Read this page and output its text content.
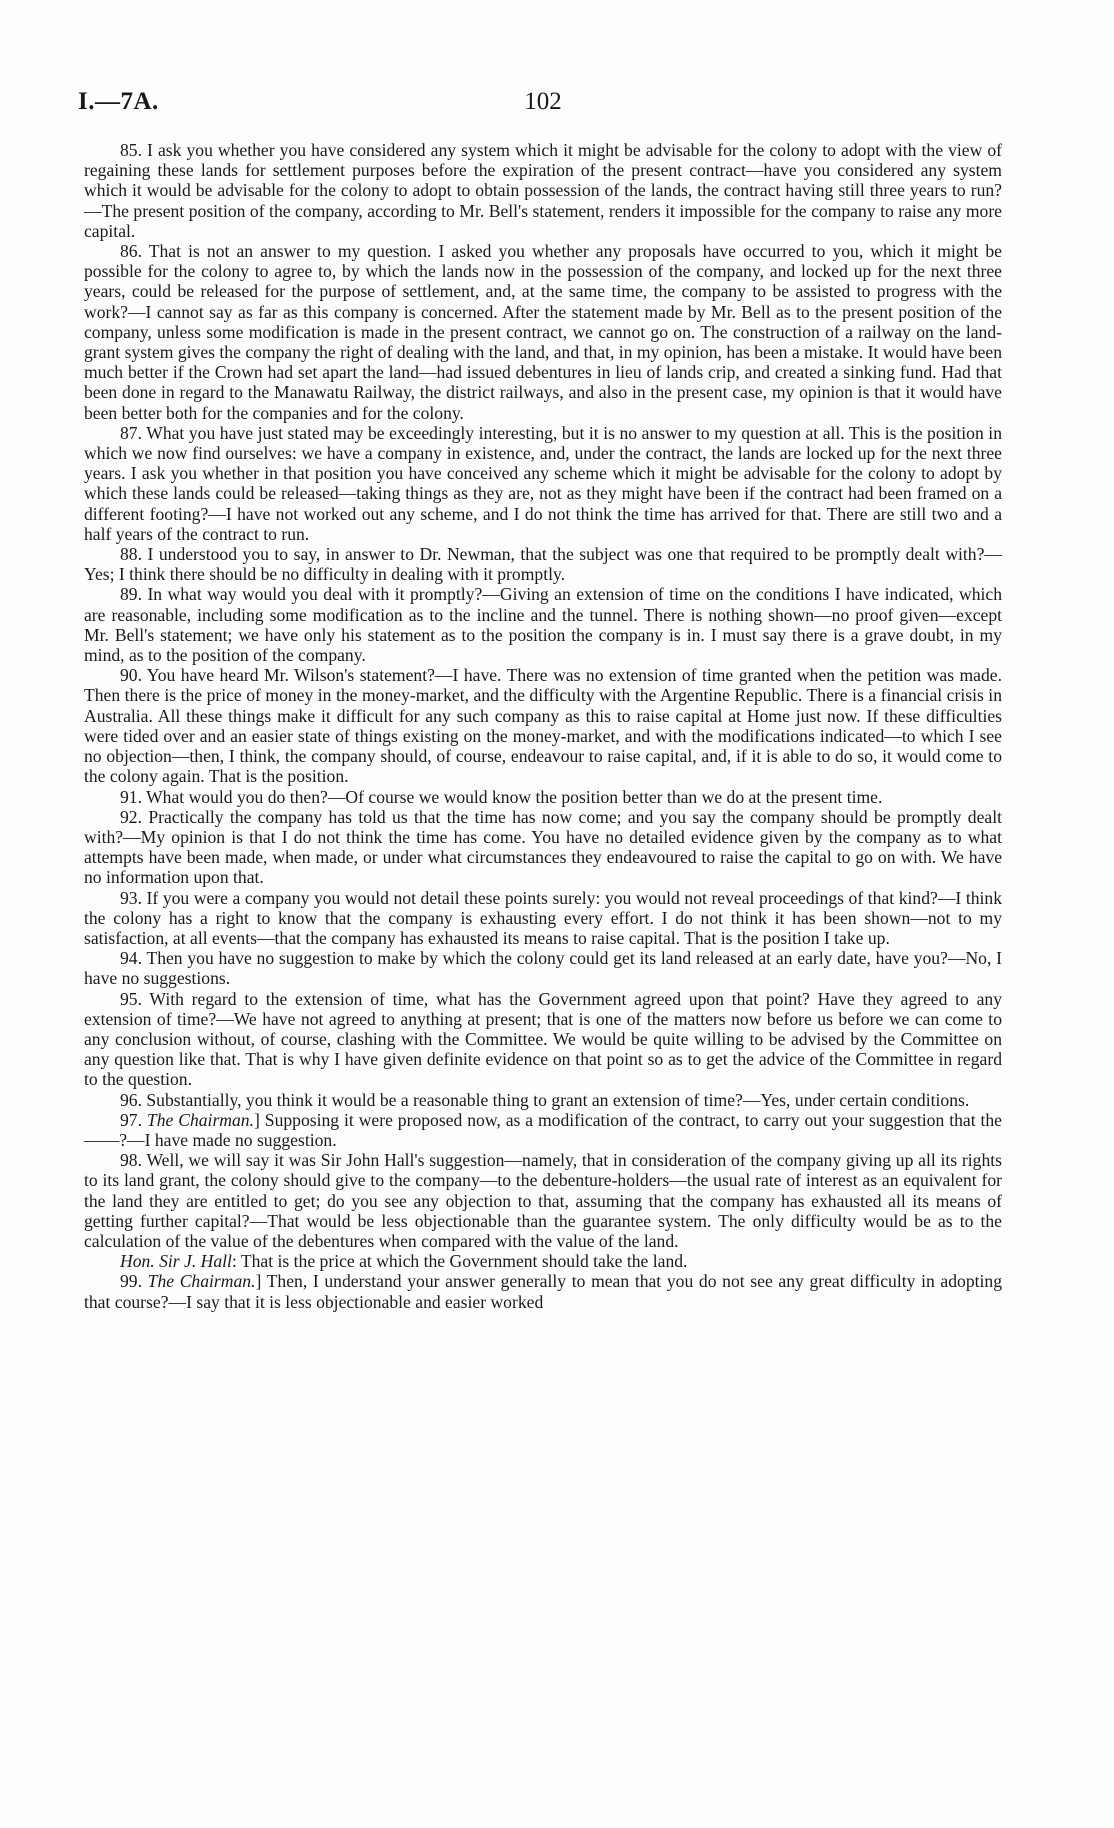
I.—7A.	102

85. I ask you whether you have considered any system which it might be advisable for the colony to adopt with the view of regaining these lands for settlement purposes before the expiration of the present contract—have you considered any system which it would be advisable for the colony to adopt to obtain possession of the lands, the contract having still three years to run?—The present position of the company, according to Mr. Bell's statement, renders it impossible for the company to raise any more capital.

86. That is not an answer to my question. I asked you whether any proposals have occurred to you, which it might be possible for the colony to agree to, by which the lands now in the possession of the company, and locked up for the next three years, could be released for the purpose of settlement, and, at the same time, the company to be assisted to progress with the work?—I cannot say as far as this company is concerned. After the statement made by Mr. Bell as to the present position of the company, unless some modification is made in the present contract, we cannot go on. The construction of a railway on the land-grant system gives the company the right of dealing with the land, and that, in my opinion, has been a mistake. It would have been much better if the Crown had set apart the land—had issued debentures in lieu of lands crip, and created a sinking fund. Had that been done in regard to the Manawatu Railway, the district railways, and also in the present case, my opinion is that it would have been better both for the companies and for the colony.

87. What you have just stated may be exceedingly interesting, but it is no answer to my question at all. This is the position in which we now find ourselves: we have a company in existence, and, under the contract, the lands are locked up for the next three years. I ask you whether in that position you have conceived any scheme which it might be advisable for the colony to adopt by which these lands could be released—taking things as they are, not as they might have been if the contract had been framed on a different footing?—I have not worked out any scheme, and I do not think the time has arrived for that. There are still two and a half years of the contract to run.

88. I understood you to say, in answer to Dr. Newman, that the subject was one that required to be promptly dealt with?—Yes; I think there should be no difficulty in dealing with it promptly.

89. In what way would you deal with it promptly?—Giving an extension of time on the conditions I have indicated, which are reasonable, including some modification as to the incline and the tunnel. There is nothing shown—no proof given—except Mr. Bell's statement; we have only his statement as to the position the company is in. I must say there is a grave doubt, in my mind, as to the position of the company.

90. You have heard Mr. Wilson's statement?—I have. There was no extension of time granted when the petition was made. Then there is the price of money in the money-market, and the difficulty with the Argentine Republic. There is a financial crisis in Australia. All these things make it difficult for any such company as this to raise capital at Home just now. If these difficulties were tided over and an easier state of things existing on the money-market, and with the modifications indicated—to which I see no objection—then, I think, the company should, of course, endeavour to raise capital, and, if it is able to do so, it would come to the colony again. That is the position.

91. What would you do then?—Of course we would know the position better than we do at the present time.

92. Practically the company has told us that the time has now come; and you say the company should be promptly dealt with?—My opinion is that I do not think the time has come. You have no detailed evidence given by the company as to what attempts have been made, when made, or under what circumstances they endeavoured to raise the capital to go on with. We have no information upon that.

93. If you were a company you would not detail these points surely: you would not reveal proceedings of that kind?—I think the colony has a right to know that the company is exhausting every effort. I do not think it has been shown—not to my satisfaction, at all events—that the company has exhausted its means to raise capital. That is the position I take up.

94. Then you have no suggestion to make by which the colony could get its land released at an early date, have you?—No, I have no suggestions.

95. With regard to the extension of time, what has the Government agreed upon that point? Have they agreed to any extension of time?—We have not agreed to anything at present; that is one of the matters now before us before we can come to any conclusion without, of course, clashing with the Committee. We would be quite willing to be advised by the Committee on any question like that. That is why I have given definite evidence on that point so as to get the advice of the Committee in regard to the question.

96. Substantially, you think it would be a reasonable thing to grant an extension of time?—Yes, under certain conditions.

97. The Chairman.] Supposing it were proposed now, as a modification of the contract, to carry out your suggestion that the ——?—I have made no suggestion.

98. Well, we will say it was Sir John Hall's suggestion—namely, that in consideration of the company giving up all its rights to its land grant, the colony should give to the company—to the debenture-holders—the usual rate of interest as an equivalent for the land they are entitled to get; do you see any objection to that, assuming that the company has exhausted all its means of getting further capital?—That would be less objectionable than the guarantee system. The only difficulty would be as to the calculation of the value of the debentures when compared with the value of the land.

Hon. Sir J. Hall: That is the price at which the Government should take the land.

99. The Chairman.] Then, I understand your answer generally to mean that you do not see any great difficulty in adopting that course?—I say that it is less objectionable and easier worked
